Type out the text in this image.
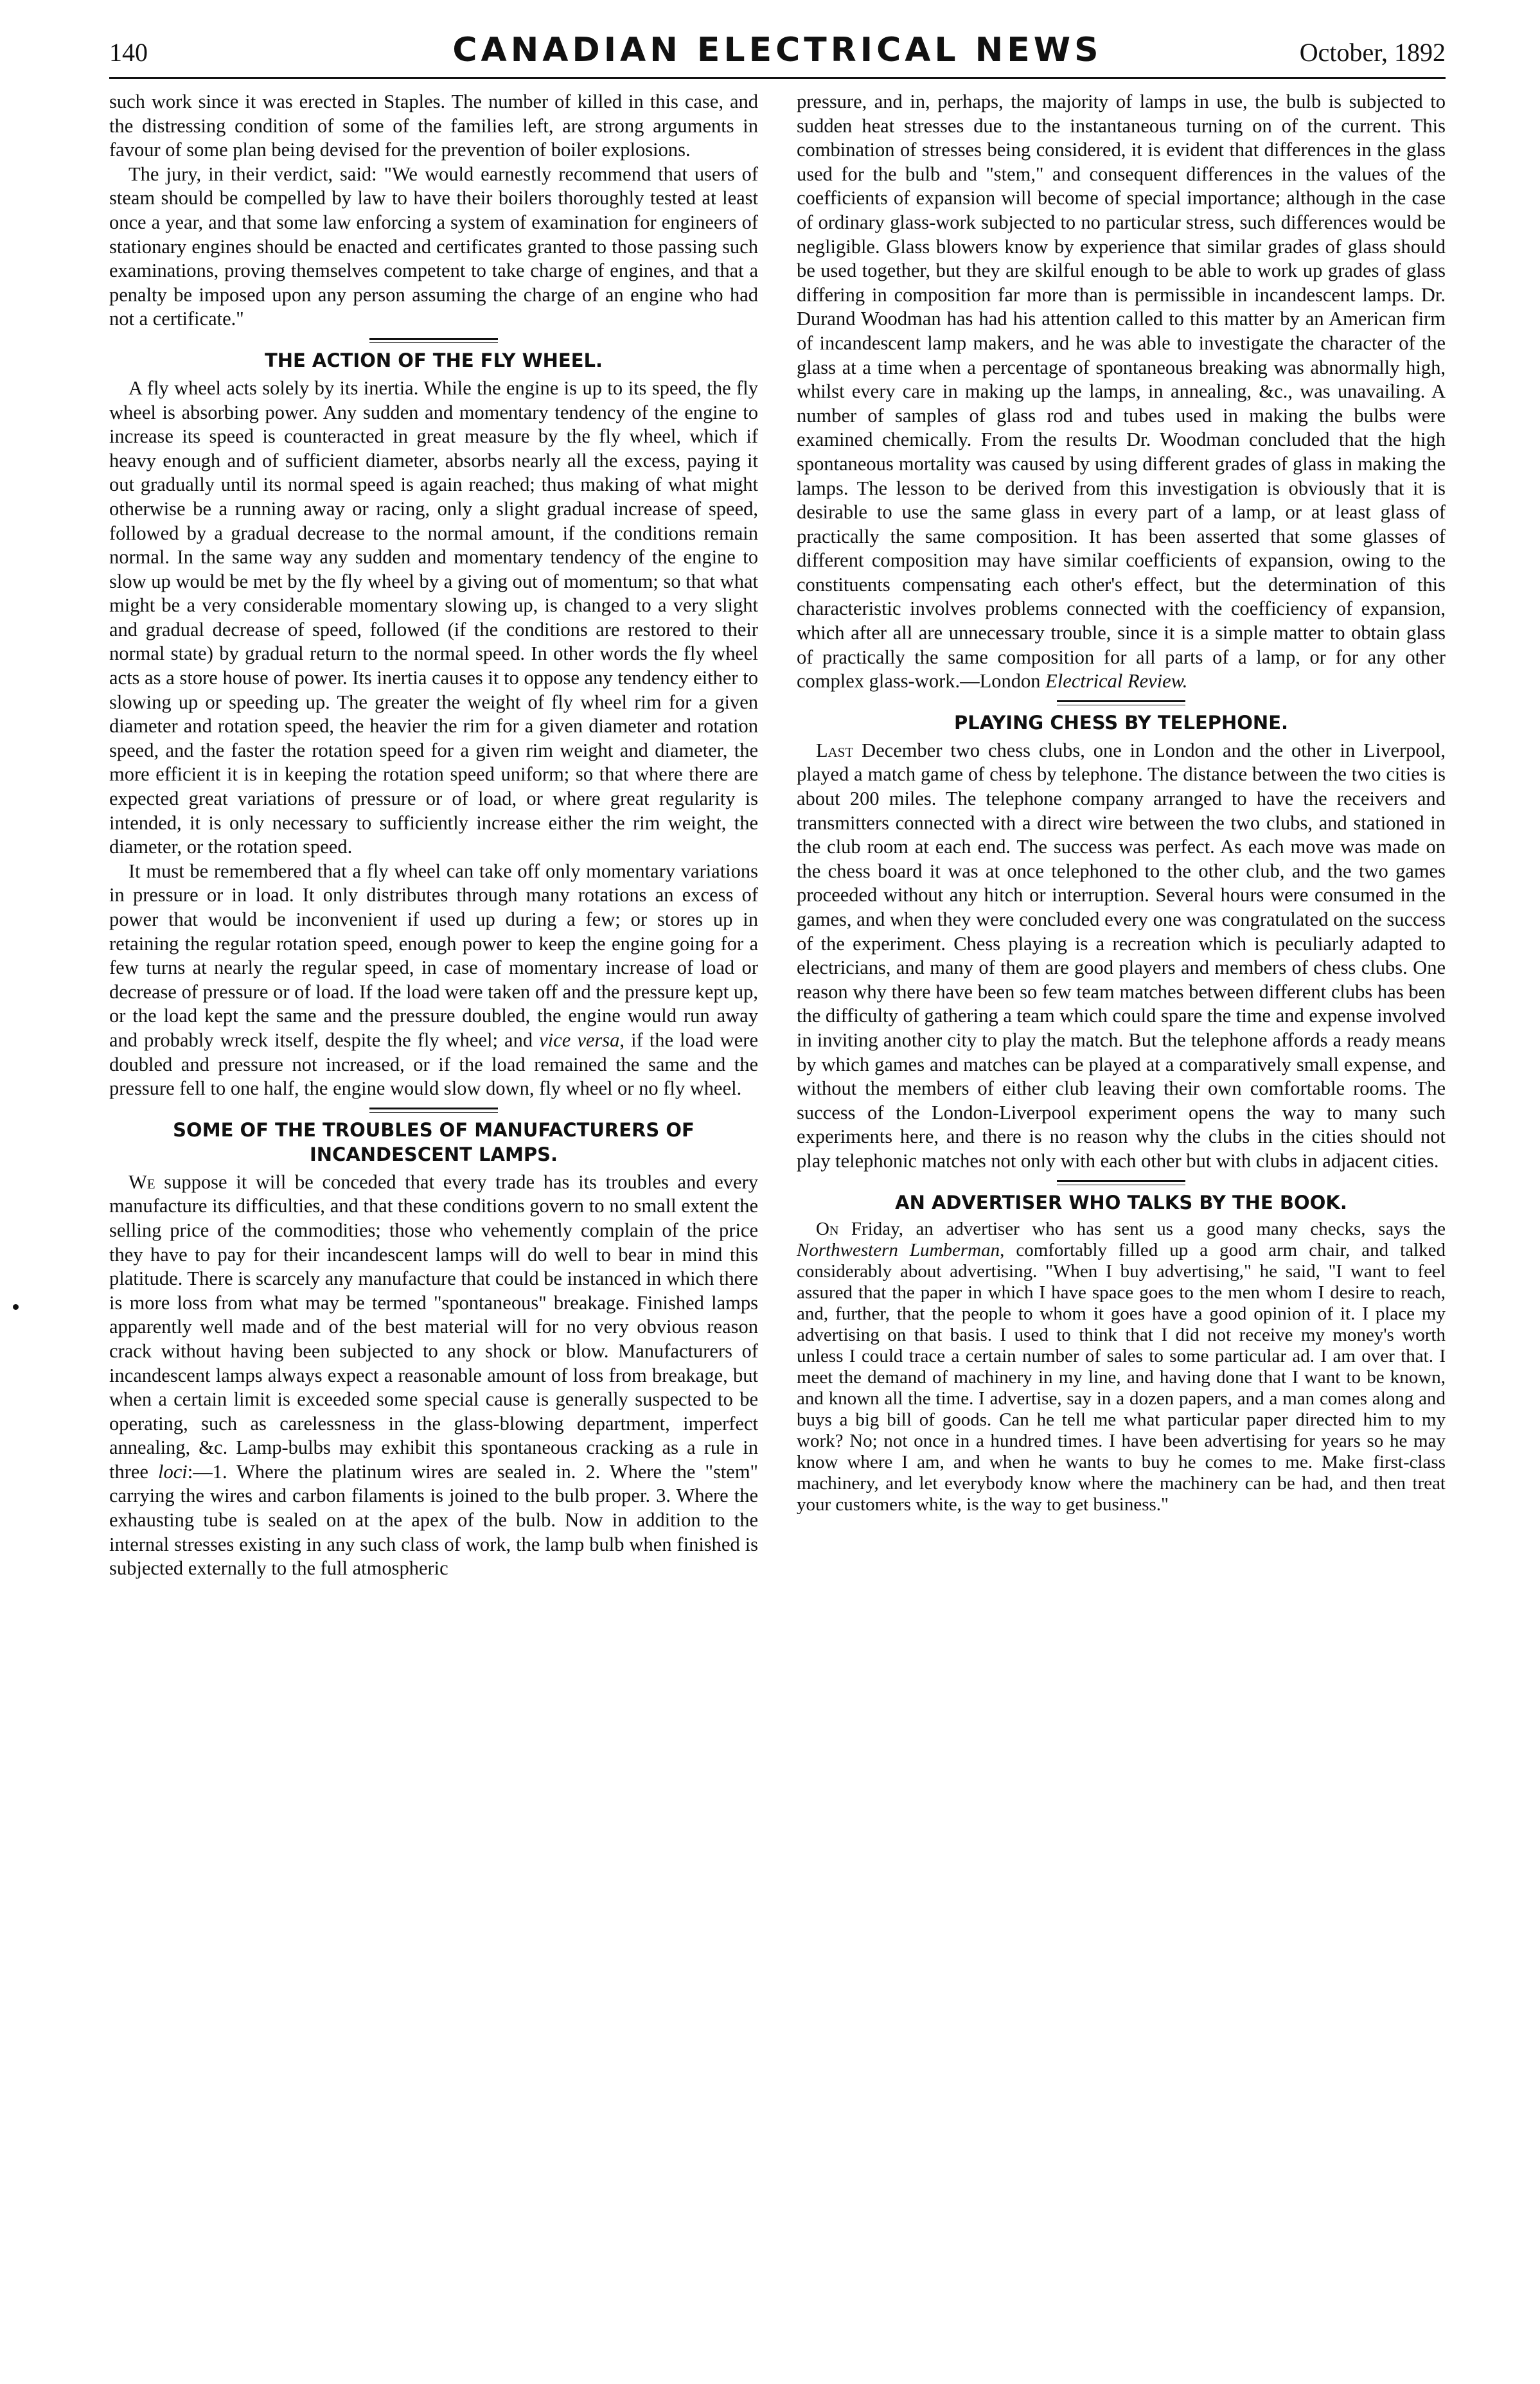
140	CANADIAN ELECTRICAL NEWS	October, 1892

such work since it was erected in Staples. The number of killed in this case, and the distressing condition of some of the families left, are strong arguments in favour of some plan being devised for the prevention of boiler explosions.

The jury, in their verdict, said: "We would earnestly recommend that users of steam should be compelled by law to have their boilers thoroughly tested at least once a year, and that some law enforcing a system of examination for engineers of stationary engines should be enacted and certificates granted to those passing such examinations, proving themselves competent to take charge of engines, and that a penalty be imposed upon any person assuming the charge of an engine who had not a certificate."

THE ACTION OF THE FLY WHEEL.

A fly wheel acts solely by its inertia. While the engine is up to its speed, the fly wheel is absorbing power. Any sudden and momentary tendency of the engine to increase its speed is counteracted in great measure by the fly wheel, which if heavy enough and of sufficient diameter, absorbs nearly all the excess, paying it out gradually until its normal speed is again reached; thus making of what might otherwise be a running away or racing, only a slight gradual increase of speed, followed by a gradual decrease to the normal amount, if the conditions remain normal. In the same way any sudden and momentary tendency of the engine to slow up would be met by the fly wheel by a giving out of momentum; so that what might be a very considerable momentary slowing up, is changed to a very slight and gradual decrease of speed, followed (if the conditions are restored to their normal state) by gradual return to the normal speed. In other words the fly wheel acts as a store house of power. Its inertia causes it to oppose any tendency either to slowing up or speeding up. The greater the weight of fly wheel rim for a given diameter and rotation speed, the heavier the rim for a given diameter and rotation speed, and the faster the rotation speed for a given rim weight and diameter, the more efficient it is in keeping the rotation speed uniform; so that where there are expected great variations of pressure or of load, or where great regularity is intended, it is only necessary to sufficiently increase either the rim weight, the diameter, or the rotation speed.

It must be remembered that a fly wheel can take off only momentary variations in pressure or in load. It only distributes through many rotations an excess of power that would be inconvenient if used up during a few; or stores up in retaining the regular rotation speed, enough power to keep the engine going for a few turns at nearly the regular speed, in case of momentary increase of load or decrease of pressure or of load. If the load were taken off and the pressure kept up, or the load kept the same and the pressure doubled, the engine would run away and probably wreck itself, despite the fly wheel; and vice versa, if the load were doubled and pressure not increased, or if the load remained the same and the pressure fell to one half, the engine would slow down, fly wheel or no fly wheel.

SOME OF THE TROUBLES OF MANUFACTURERS OF INCANDESCENT LAMPS.

We suppose it will be conceded that every trade has its troubles and every manufacture its difficulties, and that these conditions govern to no small extent the selling price of the commodities; those who vehemently complain of the price they have to pay for their incandescent lamps will do well to bear in mind this platitude. There is scarcely any manufacture that could be instanced in which there is more loss from what may be termed "spontaneous" breakage. Finished lamps apparently well made and of the best material will for no very obvious reason crack without having been subjected to any shock or blow. Manufacturers of incandescent lamps always expect a reasonable amount of loss from breakage, but when a certain limit is exceeded some special cause is generally suspected to be operating, such as carelessness in the glass-blowing department, imperfect annealing, &c. Lamp-bulbs may exhibit this spontaneous cracking as a rule in three loci:—1. Where the platinum wires are sealed in. 2. Where the "stem" carrying the wires and carbon filaments is joined to the bulb proper. 3. Where the exhausting tube is sealed on at the apex of the bulb. Now in addition to the internal stresses existing in any such class of work, the lamp bulb when finished is subjected externally to the full atmospheric

pressure, and in, perhaps, the majority of lamps in use, the bulb is subjected to sudden heat stresses due to the instantaneous turning on of the current. This combination of stresses being considered, it is evident that differences in the glass used for the bulb and "stem," and consequent differences in the values of the coefficients of expansion will become of special importance; although in the case of ordinary glass-work subjected to no particular stress, such differences would be negligible. Glass blowers know by experience that similar grades of glass should be used together, but they are skilful enough to be able to work up grades of glass differing in composition far more than is permissible in incandescent lamps. Dr. Durand Woodman has had his attention called to this matter by an American firm of incandescent lamp makers, and he was able to investigate the character of the glass at a time when a percentage of spontaneous breaking was abnormally high, whilst every care in making up the lamps, in annealing, &c., was unavailing. A number of samples of glass rod and tubes used in making the bulbs were examined chemically. From the results Dr. Woodman concluded that the high spontaneous mortality was caused by using different grades of glass in making the lamps. The lesson to be derived from this investigation is obviously that it is desirable to use the same glass in every part of a lamp, or at least glass of practically the same composition. It has been asserted that some glasses of different composition may have similar coefficients of expansion, owing to the constituents compensating each other's effect, but the determination of this characteristic involves problems connected with the coefficiency of expansion, which after all are unnecessary trouble, since it is a simple matter to obtain glass of practically the same composition for all parts of a lamp, or for any other complex glass-work.—London Electrical Review.

PLAYING CHESS BY TELEPHONE.

Last December two chess clubs, one in London and the other in Liverpool, played a match game of chess by telephone. The distance between the two cities is about 200 miles. The telephone company arranged to have the receivers and transmitters connected with a direct wire between the two clubs, and stationed in the club room at each end. The success was perfect. As each move was made on the chess board it was at once telephoned to the other club, and the two games proceeded without any hitch or interruption. Several hours were consumed in the games, and when they were concluded every one was congratulated on the success of the experiment. Chess playing is a recreation which is peculiarly adapted to electricians, and many of them are good players and members of chess clubs. One reason why there have been so few team matches between different clubs has been the difficulty of gathering a team which could spare the time and expense involved in inviting another city to play the match. But the telephone affords a ready means by which games and matches can be played at a comparatively small expense, and without the members of either club leaving their own comfortable rooms. The success of the London-Liverpool experiment opens the way to many such experiments here, and there is no reason why the clubs in the cities should not play telephonic matches not only with each other but with clubs in adjacent cities.

AN ADVERTISER WHO TALKS BY THE BOOK.

On Friday, an advertiser who has sent us a good many checks, says the Northwestern Lumberman, comfortably filled up a good arm chair, and talked considerably about advertising. "When I buy advertising," he said, "I want to feel assured that the paper in which I have space goes to the men whom I desire to reach, and, further, that the people to whom it goes have a good opinion of it. I place my advertising on that basis. I used to think that I did not receive my money's worth unless I could trace a certain number of sales to some particular ad. I am over that. I meet the demand of machinery in my line, and having done that I want to be known, and known all the time. I advertise, say in a dozen papers, and a man comes along and buys a big bill of goods. Can he tell me what particular paper directed him to my work? No; not once in a hundred times. I have been advertising for years so he may know where I am, and when he wants to buy he comes to me. Make first-class machinery, and let everybody know where the machinery can be had, and then treat your customers white, is the way to get business."
